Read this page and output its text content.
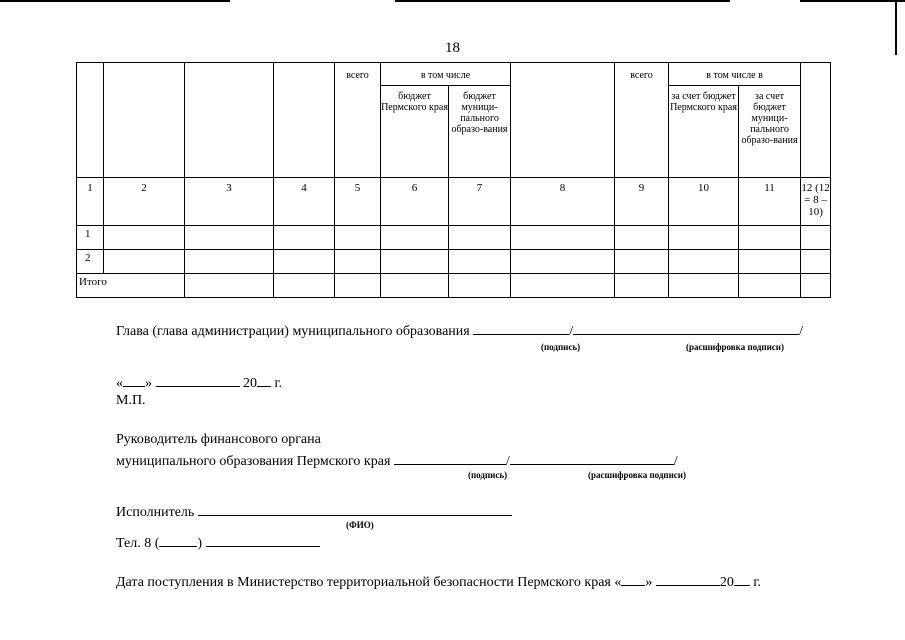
18
				всего	в том числе			всего	в том числе в		
					бюджет Пермского края	бюджет муници-пального образо-вания			за счет бюджет Пермского края	за счет бюджет муници-пального образо-вания	
1	2	3	4	5	6	7	8	9	10	11	12 (12 = 8 – 10)
1											
2											
Итого											
Глава (глава администрации) муниципального образования	/	/
(подпись)	(расшифровка подписи)
« »	20 г.
М.П.
Руководитель финансового органа
муниципального образования Пермского края	/	/
(подпись)	(расшифровка подписи)
Исполнитель
(ФИО)
Тел. 8 (	)
Дата поступления в Министерство территориальной безопасности Пермского края « »	20 г.
